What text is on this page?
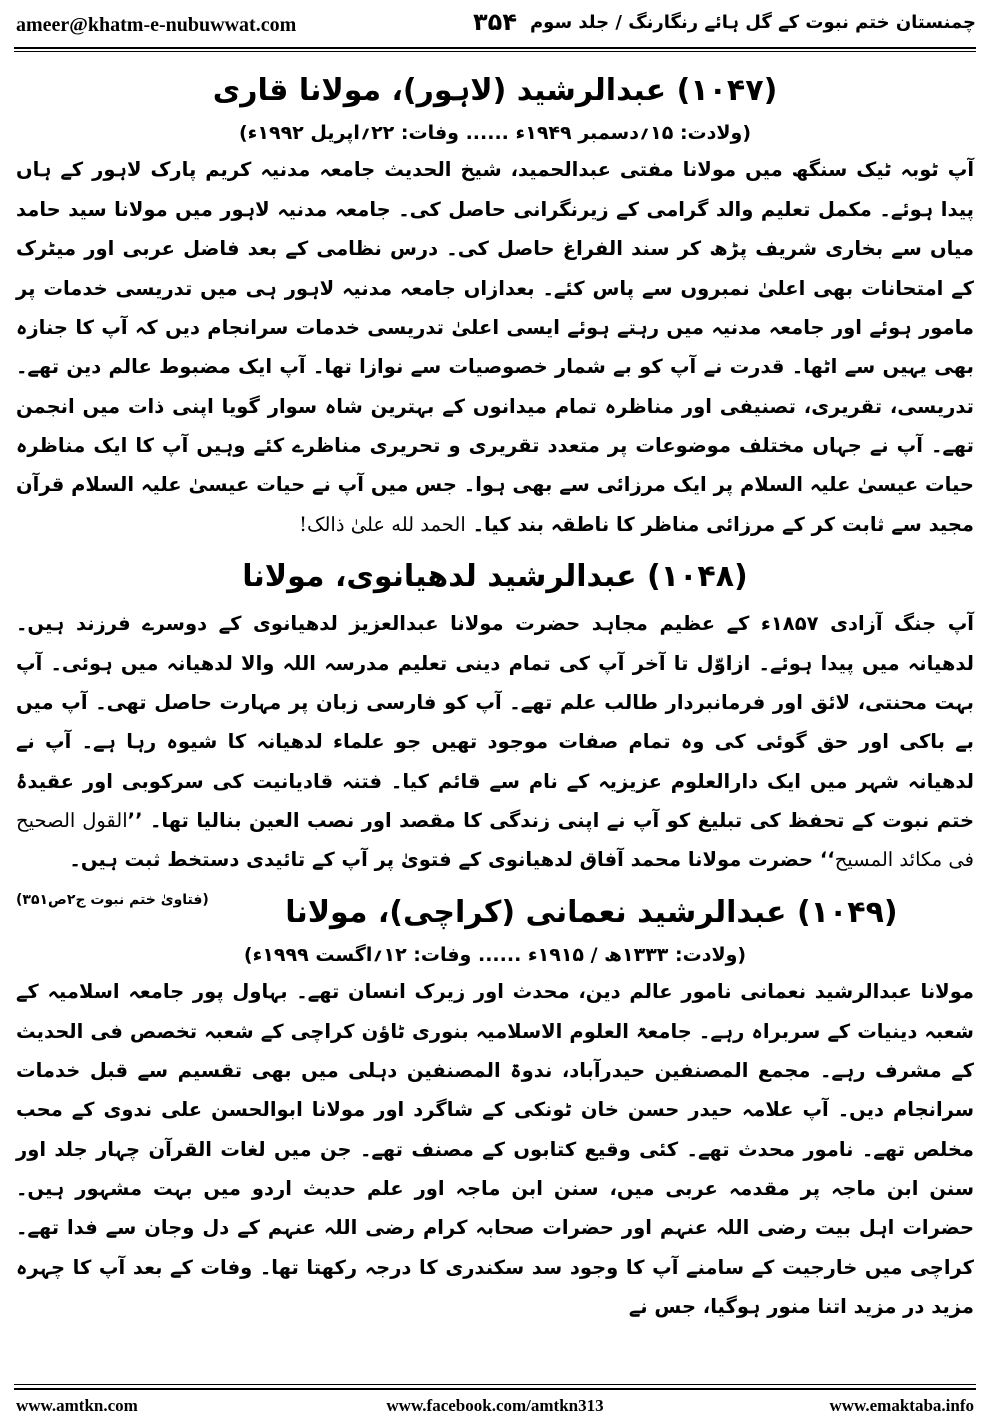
ameer@khatm-e-nubuwwat.com	۳۵۴ چمنستان ختم نبوت کے گل ہائے رنگارنگ / جلد سوم
(۱۰۴۷) عبدالرشید (لاہور)، مولانا قاری
(ولادت: ۱۵؍دسمبر ۱۹۴۹ء ...... وفات: ۲۲؍اپریل ۱۹۹۲ء)

آپ ٹوبہ ٹیک سنگھ میں مولانا مفتی عبدالحمید، شیخ الحدیث جامعہ مدنیہ کریم پارک لاہور کے ہاں پیدا ہوئے۔ مکمل تعلیم والد گرامی کے زیرنگرانی حاصل کی۔ جامعہ مدنیہ لاہور میں مولانا سید حامد میاں سے بخاری شریف پڑھ کر سند الفراغ حاصل کی۔ درس نظامی کے بعد فاضل عربی اور میٹرک کے امتحانات بھی اعلیٰ نمبروں سے پاس کئے۔ بعدازاں جامعہ مدنیہ لاہور ہی میں تدریسی خدمات پر مامور ہوئے اور جامعہ مدنیہ میں رہتے ہوئے ایسی اعلیٰ تدریسی خدمات سرانجام دیں کہ آپ کا جنازہ بھی یہیں سے اٹھا۔ قدرت نے آپ کو بے شمار خصوصیات سے نوازا تھا۔ آپ ایک مضبوط عالم دین تھے۔ تدریسی، تقریری، تصنیفی اور مناظرہ تمام میدانوں کے بہترین شاہ سوار گویا اپنی ذات میں انجمن تھے۔ آپ نے جہاں مختلف موضوعات پر متعدد تقریری و تحریری مناظرے کئے وہیں آپ کا ایک مناظرہ حیات عیسیٰ علیہ السلام پر ایک مرزائی سے بھی ہوا۔ جس میں آپ نے حیات عیسیٰ علیہ السلام قرآن مجید سے ثابت کر کے مرزائی مناظر کا ناطقہ بند کیا۔ الحمد لله علیٰ ذالک!

(۱۰۴۸) عبدالرشید لدھیانوی، مولانا

آپ جنگ آزادی ۱۸۵۷ء کے عظیم مجاہد حضرت مولانا عبدالعزیز لدھیانوی کے دوسرے فرزند ہیں۔ لدھیانہ میں پیدا ہوئے۔ ازاوّل تا آخر آپ کی تمام دینی تعلیم مدرسہ اللہ والا لدھیانہ میں ہوئی۔ آپ بہت محنتی، لائق اور فرمانبردار طالب علم تھے۔ آپ کو فارسی زبان پر مہارت حاصل تھی۔ آپ میں بے باکی اور حق گوئی کی وہ تمام صفات موجود تھیں جو علماء لدھیانہ کا شیوہ رہا ہے۔ آپ نے لدھیانہ شہر میں ایک دارالعلوم عزیزیہ کے نام سے قائم کیا۔ فتنہ قادیانیت کی سرکوبی اور عقیدۂ ختم نبوت کے تحفظ کی تبلیغ کو آپ نے اپنی زندگی کا مقصد اور نصب العین بنالیا تھا۔ ’’القول الصحیح فی مکائد المسیح‘‘ حضرت مولانا محمد آفاق لدھیانوی کے فتویٰ پر آپ کے تائیدی دستخط ثبت ہیں۔
(فتاویٰ ختم نبوت ج۲ص۳۵۱)	(۱۰۴۹) عبدالرشید نعمانی (کراچی)، مولانا
(ولادت: ۱۳۳۳ھ / ۱۹۱۵ء ...... وفات: ۱۲؍اگست ۱۹۹۹ء)

مولانا عبدالرشید نعمانی نامور عالم دین، محدث اور زیرک انسان تھے۔ بہاول پور جامعہ اسلامیہ کے شعبہ دینیات کے سربراہ رہے۔ جامعۃ العلوم الاسلامیہ بنوری ٹاؤن کراچی کے شعبہ تخصص فی الحدیث کے مشرف رہے۔ مجمع المصنفین حیدرآباد، ندوۃ المصنفین دہلی میں بھی تقسیم سے قبل خدمات سرانجام دیں۔ آپ علامہ حیدر حسن خان ٹونکی کے شاگرد اور مولانا ابوالحسن علی ندوی کے محب مخلص تھے۔ نامور محدث تھے۔ کئی وقیع کتابوں کے مصنف تھے۔ جن میں لغات القرآن چہار جلد اور سنن ابن ماجہ پر مقدمہ عربی میں، سنن ابن ماجہ اور علم حدیث اردو میں بہت مشہور ہیں۔ حضرات اہل بیت رضی اللہ عنہم اور حضرات صحابہ کرام رضی اللہ عنہم کے دل وجان سے فدا تھے۔ کراچی میں خارجیت کے سامنے آپ کا وجود سد سکندری کا درجہ رکھتا تھا۔ وفات کے بعد آپ کا چہرہ مزید در مزید اتنا منور ہوگیا، جس نے

www.amtkn.com	www.facebook.com/amtkn313	www.emaktaba.info
